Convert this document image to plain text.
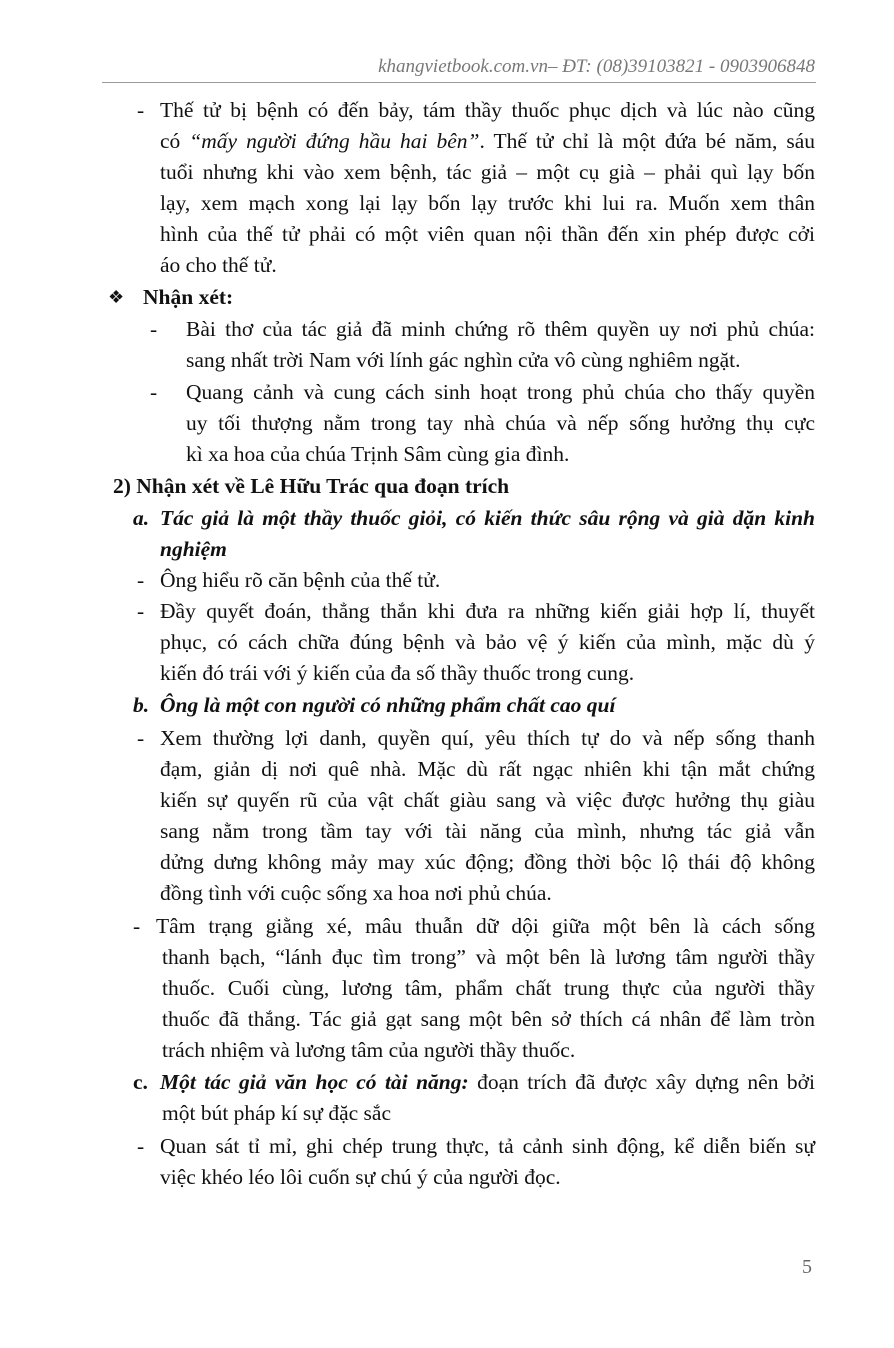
khangvietbook.com.vn– ĐT: (08)39103821 - 0903906848
- Thế tử bị bệnh có đến bảy, tám thầy thuốc phục dịch và lúc nào cũng
có “mấy người đứng hầu hai bên”. Thế tử chỉ là một đứa bé năm, sáu
tuổi nhưng khi vào xem bệnh, tác giả – một cụ già – phải quì lạy bốn
lạy, xem mạch xong lại lạy bốn lạy trước khi lui ra. Muốn xem thân
hình của thế tử phải có một viên quan nội thần đến xin phép được cởi
áo cho thế tử.
❖ Nhận xét:
- Bài thơ của tác giả đã minh chứng rõ thêm quyền uy nơi phủ chúa:
sang nhất trời Nam với lính gác nghìn cửa vô cùng nghiêm ngặt.
- Quang cảnh và cung cách sinh hoạt trong phủ chúa cho thấy quyền
uy tối thượng nằm trong tay nhà chúa và nếp sống hưởng thụ cực
kì xa hoa của chúa Trịnh Sâm cùng gia đình.
2) Nhận xét về Lê Hữu Trác qua đoạn trích
a. Tác giả là một thầy thuốc giỏi, có kiến thức sâu rộng và già dặn kinh
nghiệm
- Ông hiểu rõ căn bệnh của thế tử.
- Đầy quyết đoán, thẳng thắn khi đưa ra những kiến giải hợp lí, thuyết
phục, có cách chữa đúng bệnh và bảo vệ ý kiến của mình, mặc dù ý
kiến đó trái với ý kiến của đa số thầy thuốc trong cung.
b. Ông là một con người có những phẩm chất cao quí
- Xem thường lợi danh, quyền quí, yêu thích tự do và nếp sống thanh
đạm, giản dị nơi quê nhà. Mặc dù rất ngạc nhiên khi tận mắt chứng
kiến sự quyến rũ của vật chất giàu sang và việc được hưởng thụ giàu
sang nằm trong tầm tay với tài năng của mình, nhưng tác giả vẫn
dửng dưng không mảy may xúc động; đồng thời bộc lộ thái độ không
đồng tình với cuộc sống xa hoa nơi phủ chúa.
- Tâm trạng giằng xé, mâu thuẫn dữ dội giữa một bên là cách sống
thanh bạch, “lánh đục tìm trong” và một bên là lương tâm người thầy
thuốc. Cuối cùng, lương tâm, phẩm chất trung thực của người thầy
thuốc đã thắng. Tác giả gạt sang một bên sở thích cá nhân để làm tròn
trách nhiệm và lương tâm của người thầy thuốc.
c. Một tác giả văn học có tài năng: đoạn trích đã được xây dựng nên bởi
một bút pháp kí sự đặc sắc
- Quan sát tỉ mỉ, ghi chép trung thực, tả cảnh sinh động, kể diễn biến sự
việc khéo léo lôi cuốn sự chú ý của người đọc.
5
